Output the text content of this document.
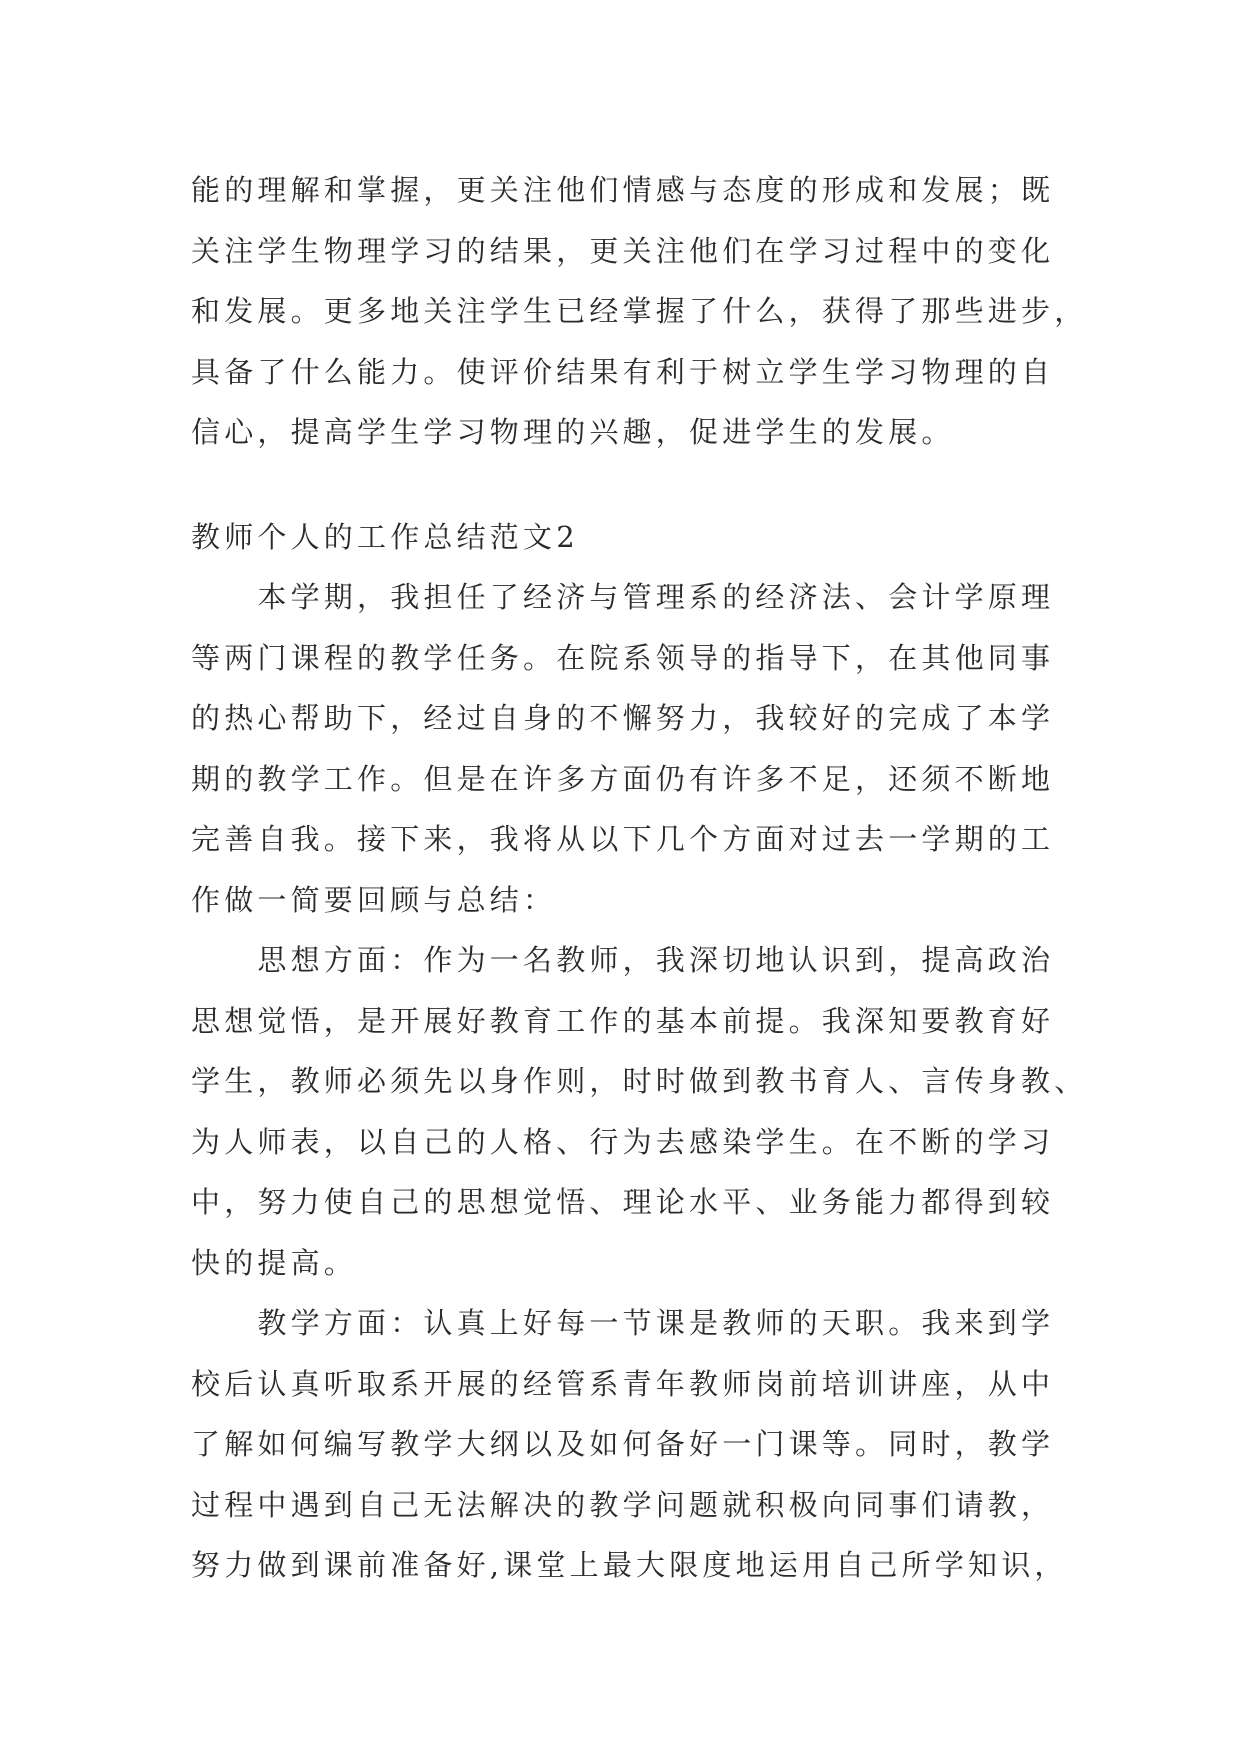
能的理解和掌握，更关注他们情感与态度的形成和发展；既
关注学生物理学习的结果，更关注他们在学习过程中的变化
和发展。更多地关注学生已经掌握了什么，获得了那些进步，
具备了什么能力。使评价结果有利于树立学生学习物理的自
信心，提高学生学习物理的兴趣，促进学生的发展。
教师个人的工作总结范文2
　　本学期，我担任了经济与管理系的经济法、会计学原理
等两门课程的教学任务。在院系领导的指导下，在其他同事
的热心帮助下，经过自身的不懈努力，我较好的完成了本学
期的教学工作。但是在许多方面仍有许多不足，还须不断地
完善自我。接下来，我将从以下几个方面对过去一学期的工
作做一简要回顾与总结：
　　思想方面：作为一名教师，我深切地认识到，提高政治
思想觉悟，是开展好教育工作的基本前提。我深知要教育好
学生，教师必须先以身作则，时时做到教书育人、言传身教、
为人师表，以自己的人格、行为去感染学生。在不断的学习
中，努力使自己的思想觉悟、理论水平、业务能力都得到较
快的提高。
　　教学方面：认真上好每一节课是教师的天职。我来到学
校后认真听取系开展的经管系青年教师岗前培训讲座，从中
了解如何编写教学大纲以及如何备好一门课等。同时，教学
过程中遇到自己无法解决的教学问题就积极向同事们请教，
努力做到课前准备好,课堂上最大限度地运用自己所学知识，
